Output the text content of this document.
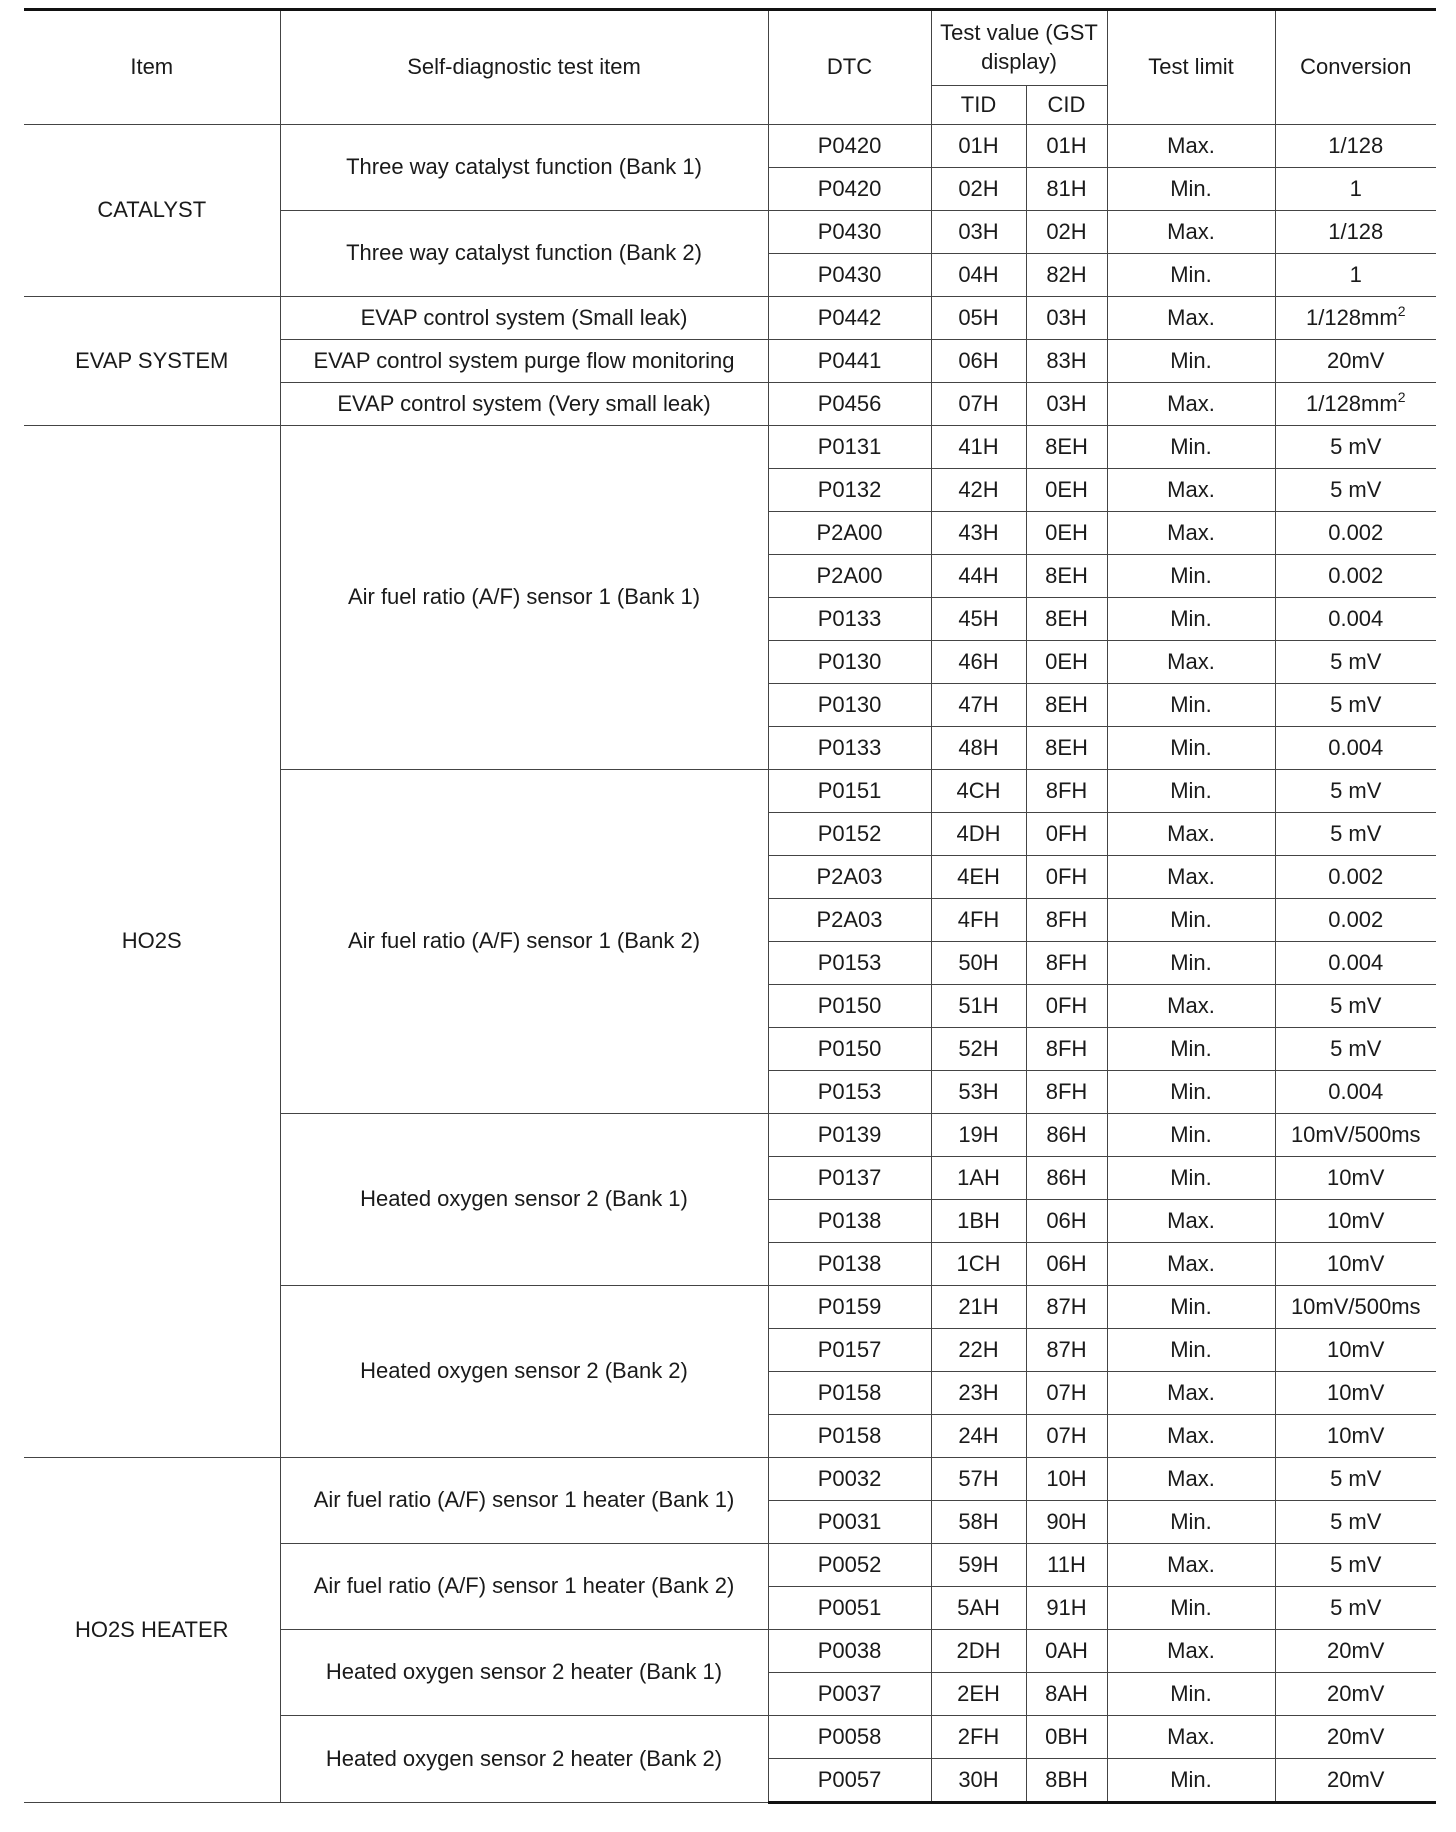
Item	Self-diagnostic test item	DTC	Test value (GST display)		Test limit	Conversion
			TID	CID		
CATALYST	Three way catalyst function (Bank 1)	P0420	01H	01H	Max.	1/128
		P0420	02H	81H	Min.	1
	Three way catalyst function (Bank 2)	P0430	03H	02H	Max.	1/128
		P0430	04H	82H	Min.	1
EVAP SYSTEM	EVAP control system (Small leak)	P0442	05H	03H	Max.	$1/128mm^2$
	EVAP control system purge flow monitoring	P0441	06H	83H	Min.	20mV
	EVAP control system (Very small leak)	P0456	07H	03H	Max.	$1/128mm^2$
HO2S	Air fuel ratio (A/F) sensor 1 (Bank 1)	P0131	41H	8EH	Min.	5 mV
		P0132	42H	0EH	Max.	5 mV
		P2A00	43H	0EH	Max.	0.002
		P2A00	44H	8EH	Min.	0.002
		P0133	45H	8EH	Min.	0.004
		P0130	46H	0EH	Max.	5 mV
		P0130	47H	8EH	Min.	5 mV
		P0133	48H	8EH	Min.	0.004
	Air fuel ratio (A/F) sensor 1 (Bank 2)	P0151	4CH	8FH	Min.	5 mV
		P0152	4DH	0FH	Max.	5 mV
		P2A03	4EH	0FH	Max.	0.002
		P2A03	4FH	8FH	Min.	0.002
		P0153	50H	8FH	Min.	0.004
		P0150	51H	0FH	Max.	5 mV
		P0150	52H	8FH	Min.	5 mV
		P0153	53H	8FH	Min.	0.004
	Heated oxygen sensor 2 (Bank 1)	P0139	19H	86H	Min.	10mV/500ms
		P0137	1AH	86H	Min.	10mV
		P0138	1BH	06H	Max.	10mV
		P0138	1CH	06H	Max.	10mV
	Heated oxygen sensor 2 (Bank 2)	P0159	21H	87H	Min.	10mV/500ms
		P0157	22H	87H	Min.	10mV
		P0158	23H	07H	Max.	10mV
		P0158	24H	07H	Max.	10mV
HO2S HEATER	Air fuel ratio (A/F) sensor 1 heater (Bank 1)	P0032	57H	10H	Max.	5 mV
		P0031	58H	90H	Min.	5 mV
	Air fuel ratio (A/F) sensor 1 heater (Bank 2)	P0052	59H	11H	Max.	5 mV
		P0051	5AH	91H	Min.	5 mV
	Heated oxygen sensor 2 heater (Bank 1)	P0038	2DH	0AH	Max.	20mV
		P0037	2EH	8AH	Min.	20mV
	Heated oxygen sensor 2 heater (Bank 2)	P0058	2FH	0BH	Max.	20mV
		P0057	30H	8BH	Min.	20mV
